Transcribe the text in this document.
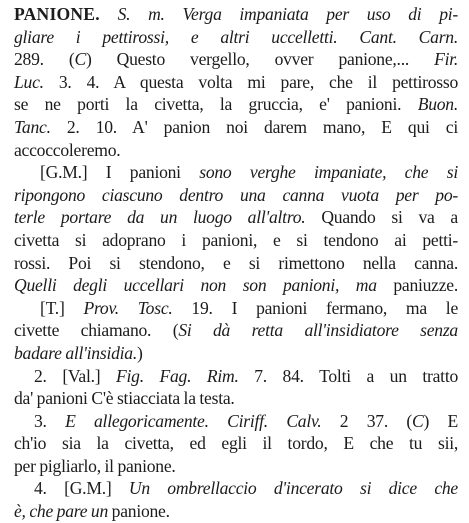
PANIONE. S. m. Verga impaniata per uso di pi-
gliare i pettirossi, e altri uccelletti. Cant. Carn.
289. (C) Questo vergello, ovver panione,... Fir.
Luc. 3. 4. A questa volta mi pare, che il pettirosso
se ne porti la civetta, la gruccia, e' panioni. Buon.
Tanc. 2. 10. A' panion noi darem mano, E qui ci
accoccoleremo.
[G.M.] I panioni sono verghe impaniate, che si
ripongono ciascuno dentro una canna vuota per po-
terle portare da un luogo all'altro. Quando si va a
civetta si adoprano i panioni, e si tendono ai petti-
rossi. Poi si stendono, e si rimettono nella canna.
Quelli degli uccellari non son panioni, ma paniuzze.
[T.] Prov. Tosc. 19. I panioni fermano, ma le
civette chiamano. (Si dà retta all'insidiatore senza
badare all'insidia.)
2. [Val.] Fig. Fag. Rim. 7. 84. Tolti a un tratto
da' panioni C'è stiacciata la testa.
3. E allegoricamente. Ciriff. Calv. 2 37. (C) E
ch'io sia la civetta, ed egli il tordo, E che tu sii,
per pigliarlo, il panione.
4. [G.M.] Un ombrellaccio d'incerato si dice che
è, che pare un panione.
